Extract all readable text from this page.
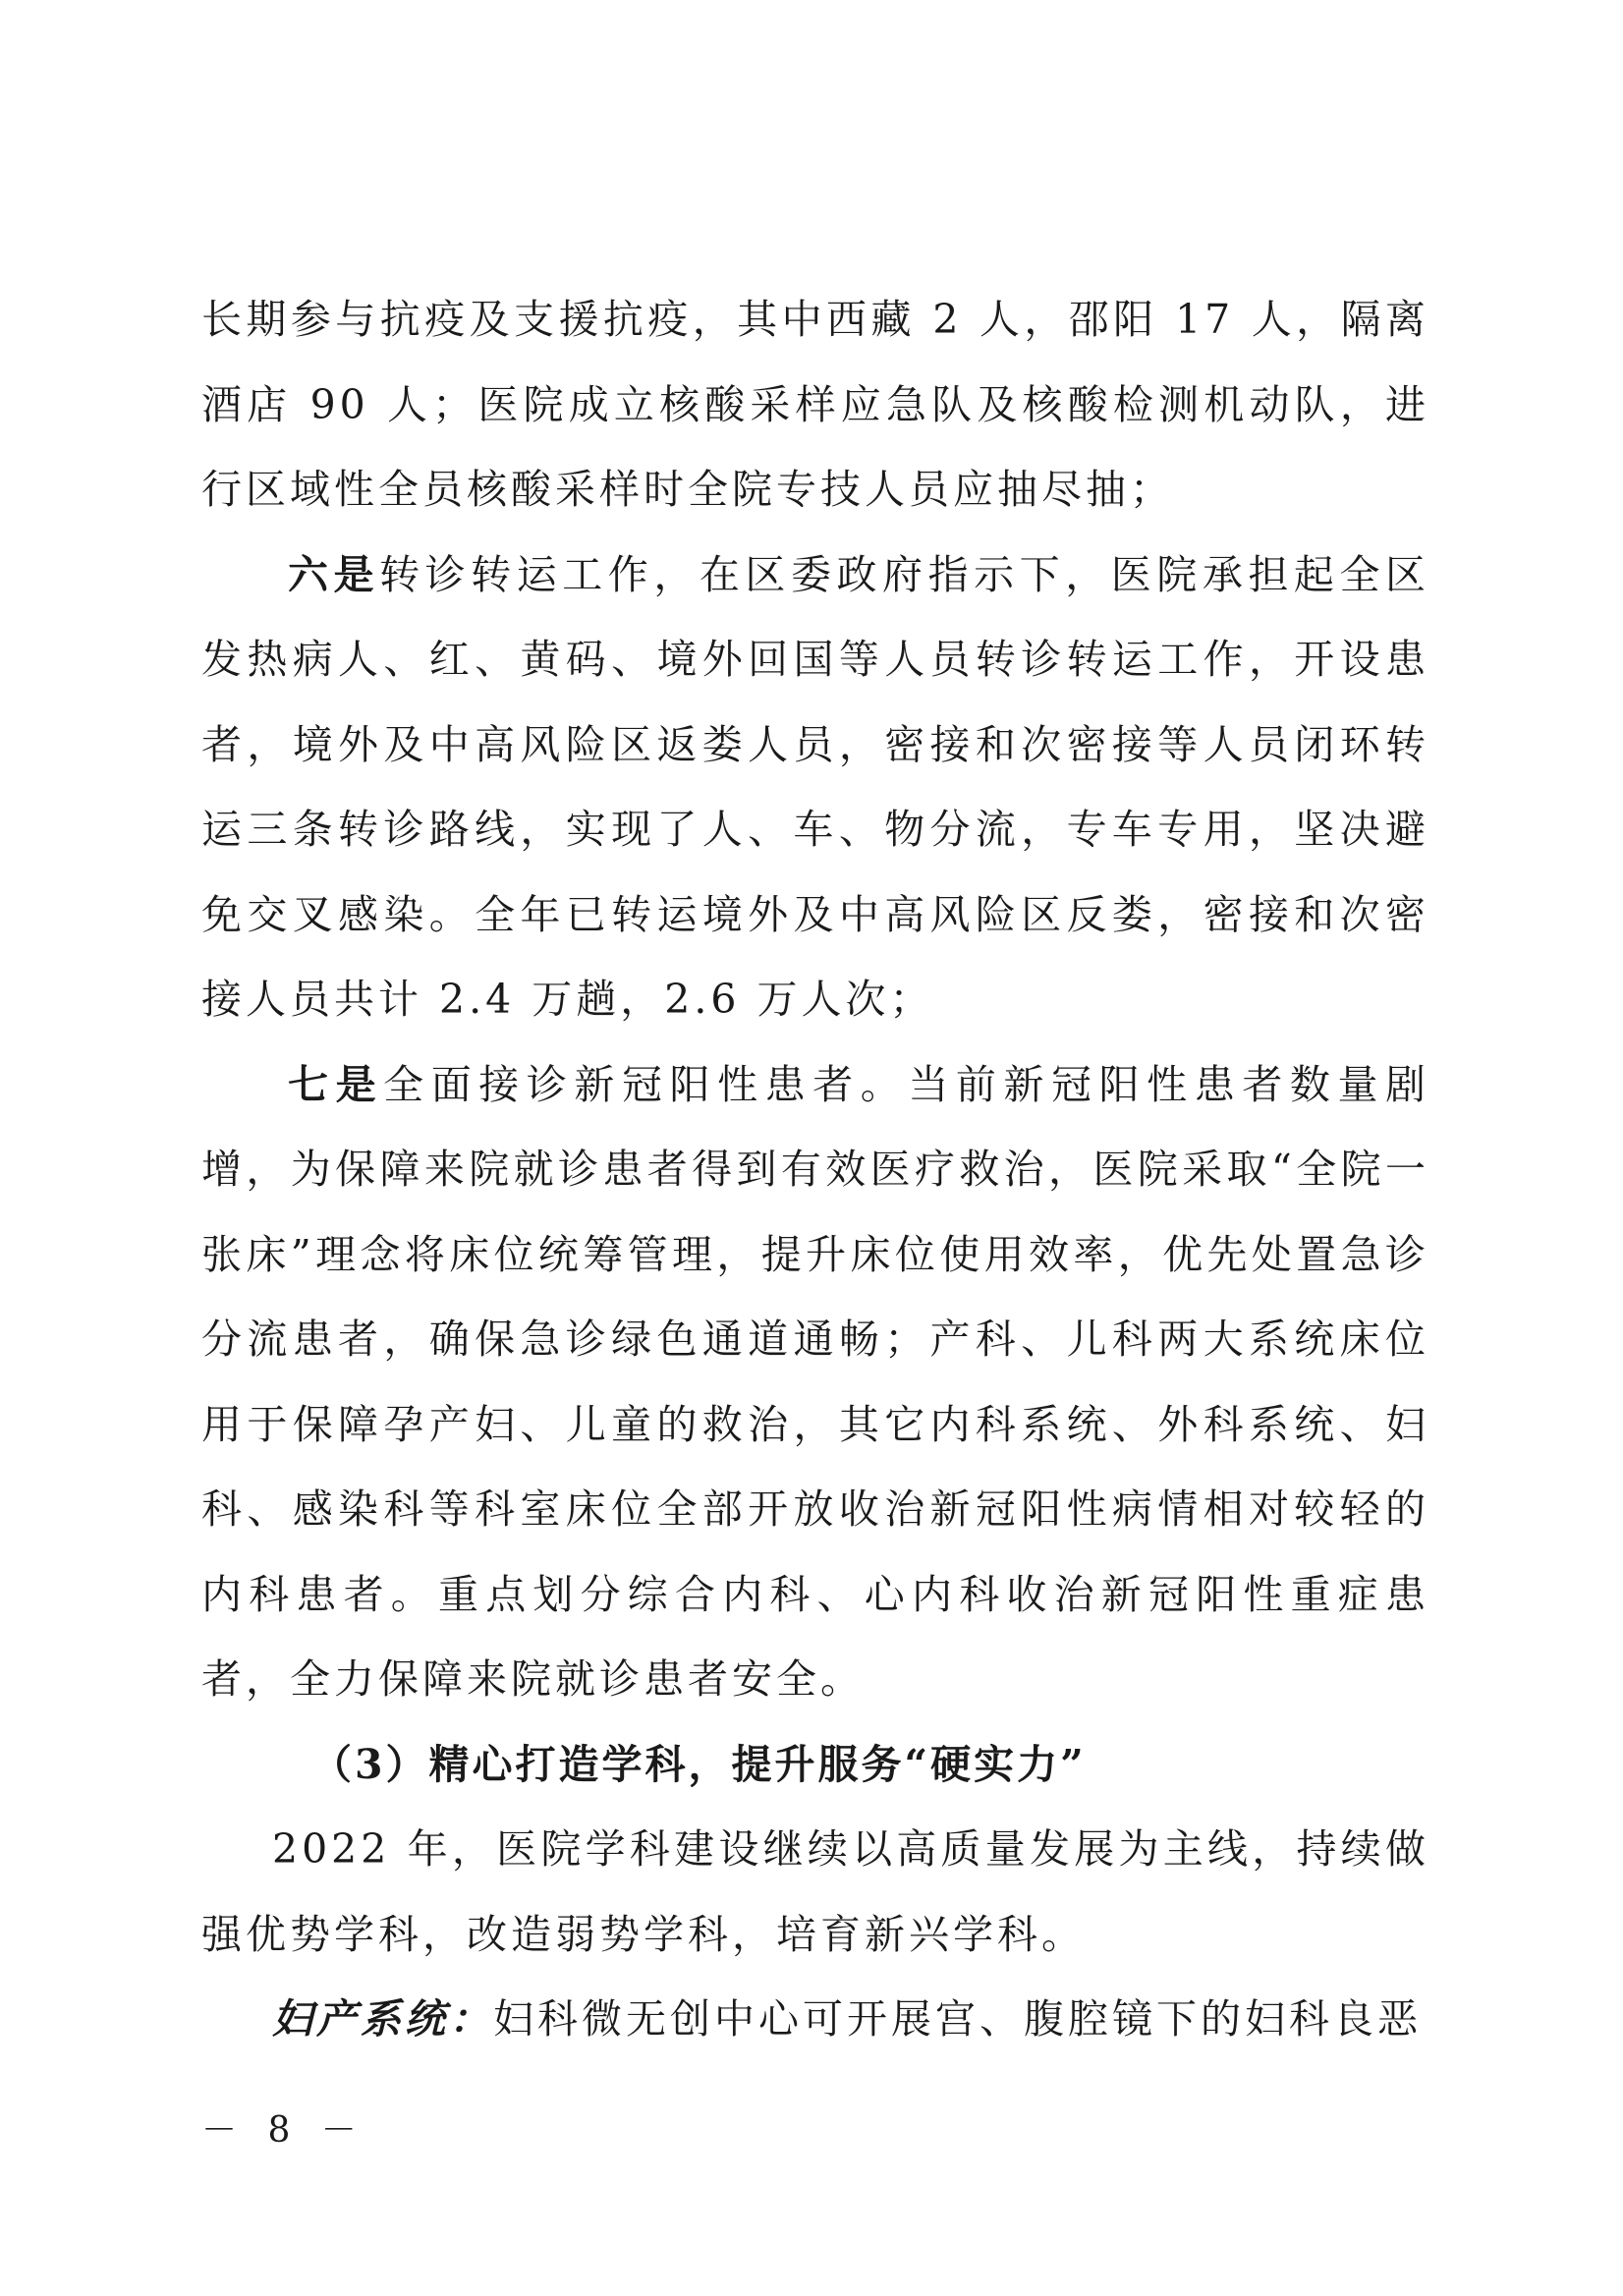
长期参与抗疫及支援抗疫，其中西藏 2 人，邵阳 17 人，隔离酒店 90 人；医院成立核酸采样应急队及核酸检测机动队，进行区域性全员核酸采样时全院专技人员应抽尽抽；

六是转诊转运工作，在区委政府指示下，医院承担起全区发热病人、红、黄码、境外回国等人员转诊转运工作，开设患者，境外及中高风险区返娄人员，密接和次密接等人员闭环转运三条转诊路线，实现了人、车、物分流，专车专用，坚决避免交叉感染。全年已转运境外及中高风险区反娄，密接和次密接人员共计 2.4 万趟，2.6 万人次；

七是全面接诊新冠阳性患者。当前新冠阳性患者数量剧增，为保障来院就诊患者得到有效医疗救治，医院采取“全院一张床”理念将床位统筹管理，提升床位使用效率，优先处置急诊分流患者，确保急诊绿色通道通畅；产科、儿科两大系统床位用于保障孕产妇、儿童的救治，其它内科系统、外科系统、妇科、感染科等科室床位全部开放收治新冠阳性病情相对较轻的内科患者。重点划分综合内科、心内科收治新冠阳性重症患者，全力保障来院就诊患者安全。

（3）精心打造学科，提升服务“硬实力”

2022 年，医院学科建设继续以高质量发展为主线，持续做强优势学科，改造弱势学科，培育新兴学科。

妇产系统：妇科微无创中心可开展宫、腹腔镜下的妇科良恶

－ 8 －
